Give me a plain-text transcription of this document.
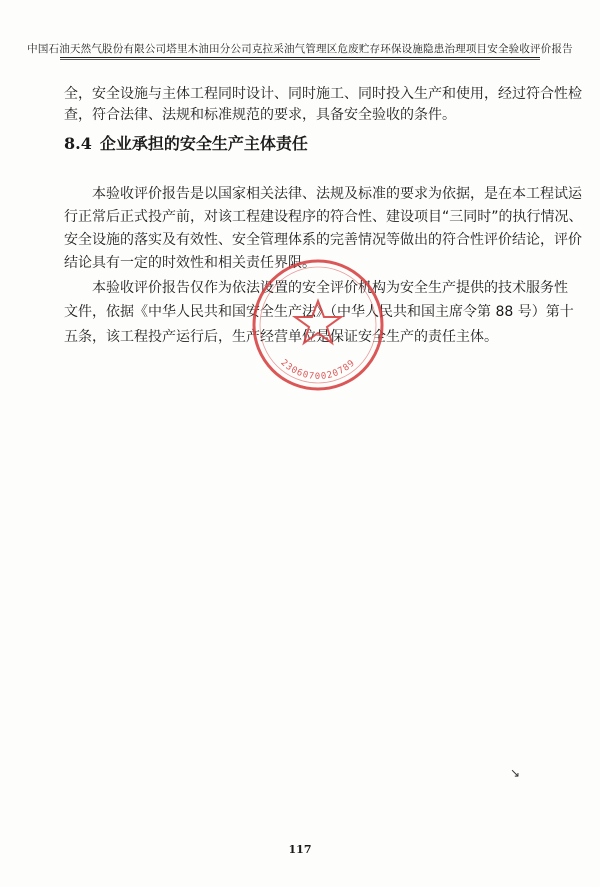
中国石油天然气股份有限公司塔里木油田分公司克拉采油气管理区危废贮存环保设施隐患治理项目安全验收评价报告
全，安全设施与主体工程同时设计、同时施工、同时投入生产和使用，经过符合性检
查，符合法律、法规和标准规范的要求，具备安全验收的条件。
8.4 企业承担的安全生产主体责任
本验收评价报告是以国家相关法律、法规及标准的要求为依据，是在本工程试运
行正常后正式投产前，对该工程建设程序的符合性、建设项目“三同时”的执行情况、
安全设施的落实及有效性、安全管理体系的完善情况等做出的符合性评价结论，评价
结论具有一定的时效性和相关责任界限。
本验收评价报告仅作为依法设置的安全评价机构为安全生产提供的技术服务性
文件，依据《中华人民共和国安全生产法》（中华人民共和国主席令第 88 号）第十
五条，该工程投产运行后，生产经营单位是保证安全生产的责任主体。
2306070020789
↘
117
